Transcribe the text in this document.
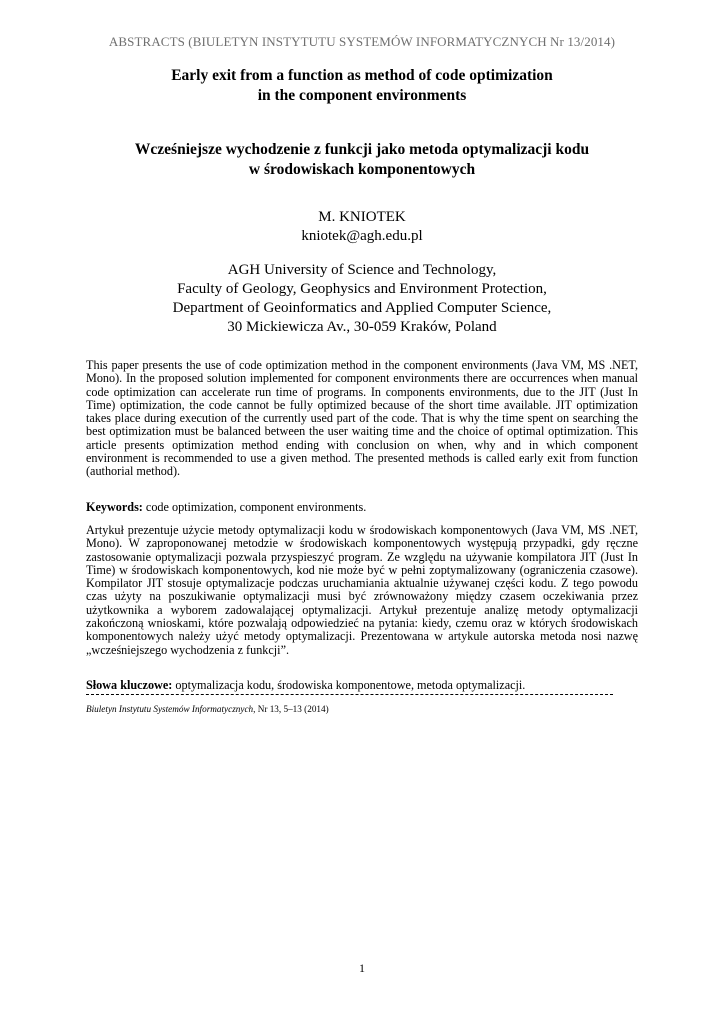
ABSTRACTS (BIULETYN INSTYTUTU SYSTEMÓW INFORMATYCZNYCH Nr 13/2014)
Early exit from a function as method of code optimization
in the component environments
Wcześniejsze wychodzenie z funkcji jako metoda optymalizacji kodu
w środowiskach komponentowych
M. KNIOTEK
kniotek@agh.edu.pl
AGH University of Science and Technology,
Faculty of Geology, Geophysics and Environment Protection,
Department of Geoinformatics and Applied Computer Science,
30 Mickiewicza Av., 30-059 Kraków, Poland

This paper presents the use of code optimization method in the component environments (Java VM, MS .NET, Mono). In the proposed solution implemented for component environments there are occurrences when manual code optimization can accelerate run time of programs. In components environments, due to the JIT (Just In Time) optimization, the code cannot be fully optimized because of the short time available. JIT optimization takes place during execution of the currently used part of the code. That is why the time spent on searching the best optimization must be balanced between the user waiting time and the choice of optimal optimization. This article presents optimization method ending with conclusion on when, why and in which component environment is recommended to use a given method. The presented methods is called early exit from function (authorial method).

Keywords: code optimization, component environments.

Artykuł prezentuje użycie metody optymalizacji kodu w środowiskach komponentowych (Java VM, MS .NET, Mono). W zaproponowanej metodzie w środowiskach komponentowych występują przypadki, gdy ręczne zastosowanie optymalizacji pozwala przyspieszyć program. Ze względu na używanie kompilatora JIT (Just In Time) w środowiskach komponentowych, kod nie może być w pełni zoptymalizowany (ograniczenia czasowe). Kompilator JIT stosuje optymalizacje podczas uruchamiania aktualnie używanej części kodu. Z tego powodu czas użyty na poszukiwanie optymalizacji musi być zrównoważony między czasem oczekiwania przez użytkownika a wyborem zadowalającej optymalizacji. Artykuł prezentuje analizę metody optymalizacji zakończoną wnioskami, które pozwalają odpowiedzieć na pytania: kiedy, czemu oraz w których środowiskach komponentowych należy użyć metody optymalizacji. Prezentowana w artykule autorska metoda nosi nazwę „wcześniejszego wychodzenia z funkcji”.

Słowa kluczowe: optymalizacja kodu, środowiska komponentowe, metoda optymalizacji.

Biuletyn Instytutu Systemów Informatycznych, Nr 13, 5–13 (2014)
1
